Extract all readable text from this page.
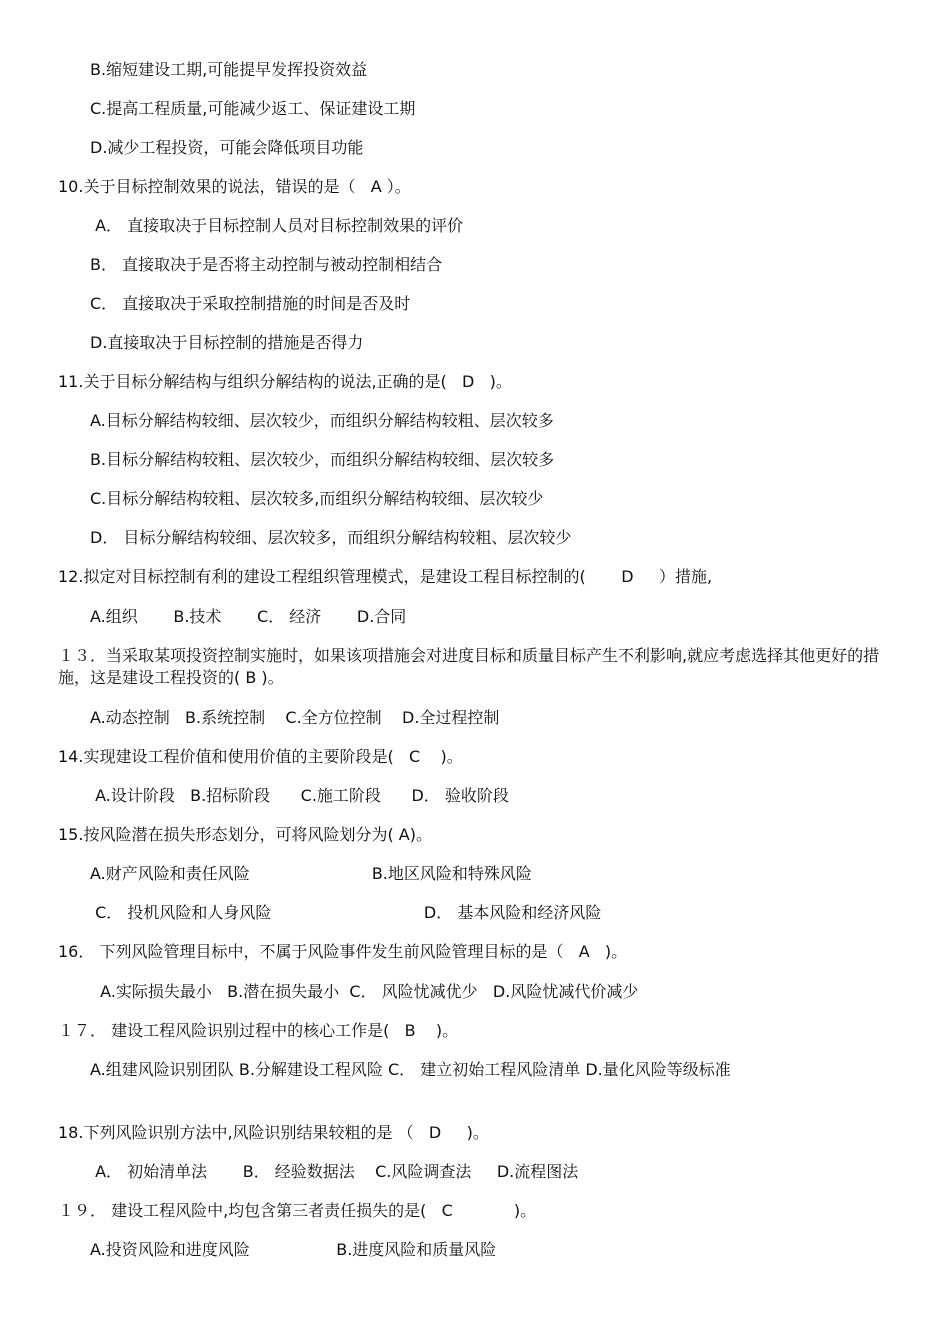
B.缩短建设工期,可能提早发挥投资效益
C.提高工程质量,可能减少返工、保证建设工期
D.减少工程投资，可能会降低项目功能
10.关于目标控制效果的说法，错误的是（   A ）。
A． 直接取决于目标控制人员对目标控制效果的评价
B． 直接取决于是否将主动控制与被动控制相结合
C． 直接取决于采取控制措施的时间是否及时
D.直接取决于目标控制的措施是否得力
11.关于目标分解结构与组织分解结构的说法,正确的是(   D   )。
A.目标分解结构较细、层次较少，而组织分解结构较粗、层次较多
B.目标分解结构较粗、层次较少，而组织分解结构较细、层次较多
C.目标分解结构较粗、层次较多,而组织分解结构较细、层次较少
D． 目标分解结构较细、层次较多，而组织分解结构较粗、层次较少
12.拟定对目标控制有利的建设工程组织管理模式，是建设工程目标控制的(       D     ）措施,
A.组织       B.技术       C． 经济       D.合同
１３．当采取某项投资控制实施时，如果该项措施会对进度目标和质量目标产生不利影响,就应考虑选择其他更好的措施，这是建设工程投资的( B )。
A.动态控制   B.系统控制    C.全方位控制    D.全过程控制
14.实现建设工程价值和使用价值的主要阶段是(   C    )。
A.设计阶段   B.招标阶段      C.施工阶段      D． 验收阶段
15.按风险潜在损失形态划分，可将风险划分为( A)。
A.财产风险和责任风险                        B.地区风险和特殊风险
C． 投机风险和人身风险                              D． 基本风险和经济风险
16． 下列风险管理目标中，不属于风险事件发生前风险管理目标的是（   A   )。
A.实际损失最小   B.潜在损失最小  C． 风险忧减优少   D.风险忧减代价减少
１７． 建设工程风险识别过程中的核心工作是(   B    )。
A.组建风险识别团队 B.分解建设工程风险 C． 建立初始工程风险清单 D.量化风险等级标准
18.下列风险识别方法中,风险识别结果较粗的是 （   D     )。
A． 初始清单法       B． 经验数据法    C.风险调查法     D.流程图法
１９． 建设工程风险中,均包含第三者责任损失的是(   C            )。
A.投资风险和进度风险                 B.进度风险和质量风险
